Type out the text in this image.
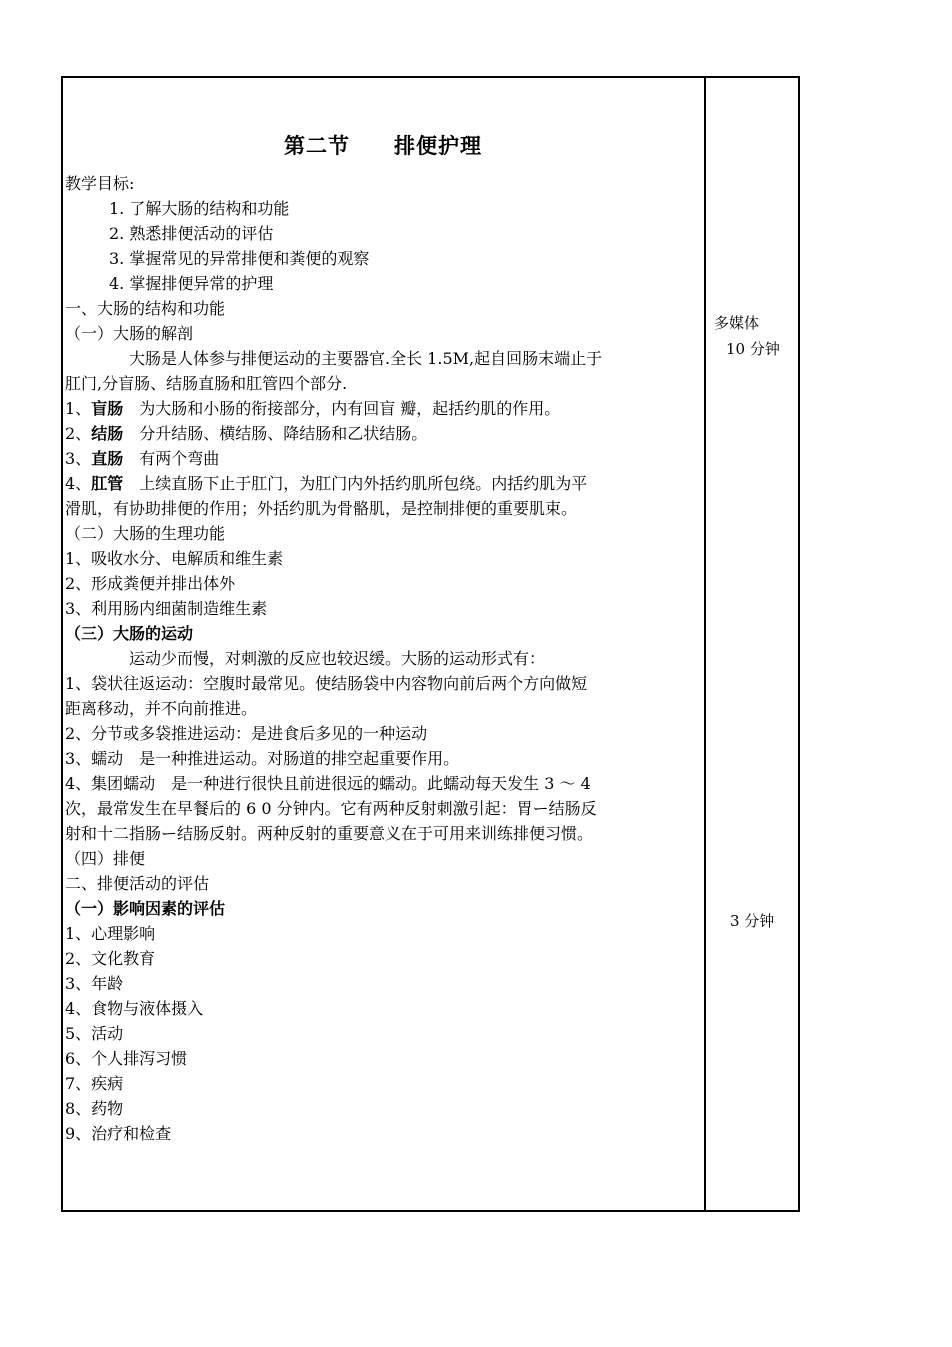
第二节　　排便护理
教学目标:
1. 了解大肠的结构和功能
2. 熟悉排便活动的评估
3. 掌握常见的异常排便和粪便的观察
4. 掌握排便异常的护理
一、大肠的结构和功能
（一）大肠的解剖
大肠是人体参与排便运动的主要器官.全长 1.5M,起自回肠末端止于
肛门,分盲肠、结肠直肠和肛管四个部分.
1、盲肠　为大肠和小肠的衔接部分，内有回盲 瓣，起括约肌的作用。
2、结肠　分升结肠、横结肠、降结肠和乙状结肠。
3、直肠　有两个弯曲
4、肛管　上续直肠下止于肛门，为肛门内外括约肌所包绕。内括约肌为平
滑肌，有协助排便的作用；外括约肌为骨骼肌，是控制排便的重要肌束。
（二）大肠的生理功能
1、吸收水分、电解质和维生素
2、形成粪便并排出体外
3、利用肠内细菌制造维生素
（三）大肠的运动
运动少而慢，对刺激的反应也较迟缓。大肠的运动形式有：
1、袋状往返运动：空腹时最常见。使结肠袋中内容物向前后两个方向做短
距离移动，并不向前推进。
2、分节或多袋推进运动：是进食后多见的一种运动
3、蠕动　是一种推进运动。对肠道的排空起重要作用。
4、集团蠕动　是一种进行很快且前进很远的蠕动。此蠕动每天发生 3 ～ 4
次，最常发生在早餐后的 6 0 分钟内。它有两种反射刺激引起：胃ー结肠反
射和十二指肠ー结肠反射。两种反射的重要意义在于可用来训练排便习惯。
（四）排便
二、排便活动的评估
（一）影响因素的评估
1、心理影响
2、文化教育
3、年龄
4、食物与液体摄入
5、活动
6、个人排泻习惯
7、疾病
8、药物
9、治疗和检查
多媒体
10 分钟
3 分钟
